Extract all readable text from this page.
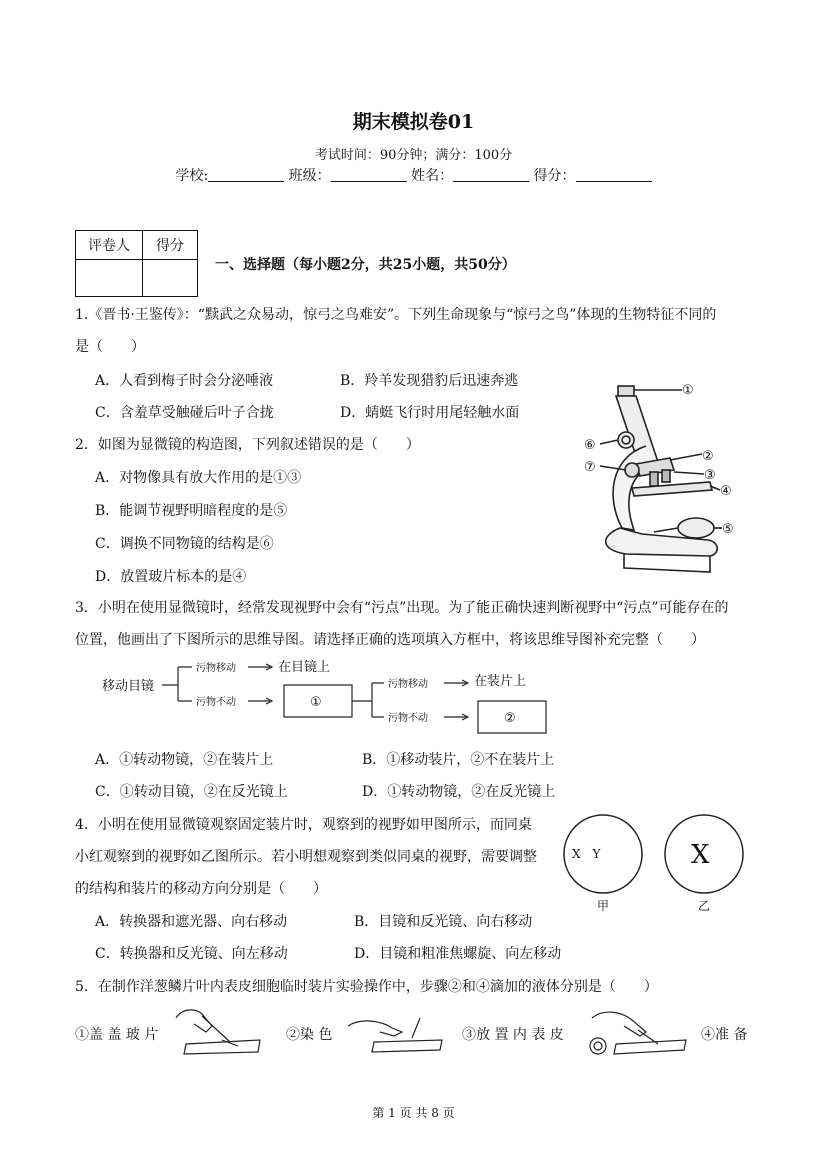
期末模拟卷01
考试时间：90分钟；满分：100分
学校:	班级：	姓名：	得分：
评卷人	得分

一、选择题（每小题2分，共25小题，共50分）
1.《晋书·王鉴传》：“黩武之众易动，惊弓之鸟难安”。下列生命现象与“惊弓之鸟”体现的生物特征不同的
是（　　）
A．人看到梅子时会分泌唾液	B．羚羊发现猎豹后迅速奔逃
C．含羞草受触碰后叶子合拢	D．蜻蜓飞行时用尾轻触水面
2．如图为显微镜的构造图，下列叙述错误的是（　　）
A．对物像具有放大作用的是①③
B．能调节视野明暗程度的是⑤
C．调换不同物镜的结构是⑥
D．放置玻片标本的是④
①
②
③
④
⑤
⑥
⑦
3．小明在使用显微镜时，经常发现视野中会有“污点”出现。为了能正确快速判断视野中“污点”可能存在的
位置，他画出了下图所示的思维导图。请选择正确的选项填入方框中，将该思维导图补充完整（　　）
移动目镜
污物移动	在目镜上
污物不动	①
污物移动	在装片上
污物不动	②
A．①转动物镜，②在装片上	B．①移动装片，②不在装片上
C．①转动目镜，②在反光镜上	D．①转动物镜，②在反光镜上
4．小明在使用显微镜观察固定装片时，观察到的视野如甲图所示，而同桌
小红观察到的视野如乙图所示。若小明想观察到类似同桌的视野，需要调整
的结构和装片的移动方向分别是（　　）
A．转换器和遮光器、向右移动	B．目镜和反光镜、向右移动
C．转换器和反光镜、向左移动	D．目镜和粗准焦螺旋、向左移动
X　Y	X
甲	乙
5．在制作洋葱鳞片叶内表皮细胞临时装片实验操作中，步骤②和④滴加的液体分别是（　　）
①盖 盖 玻 片	②染 色	③放 置 内 表 皮	④准 备
第 1 页 共 8 页
